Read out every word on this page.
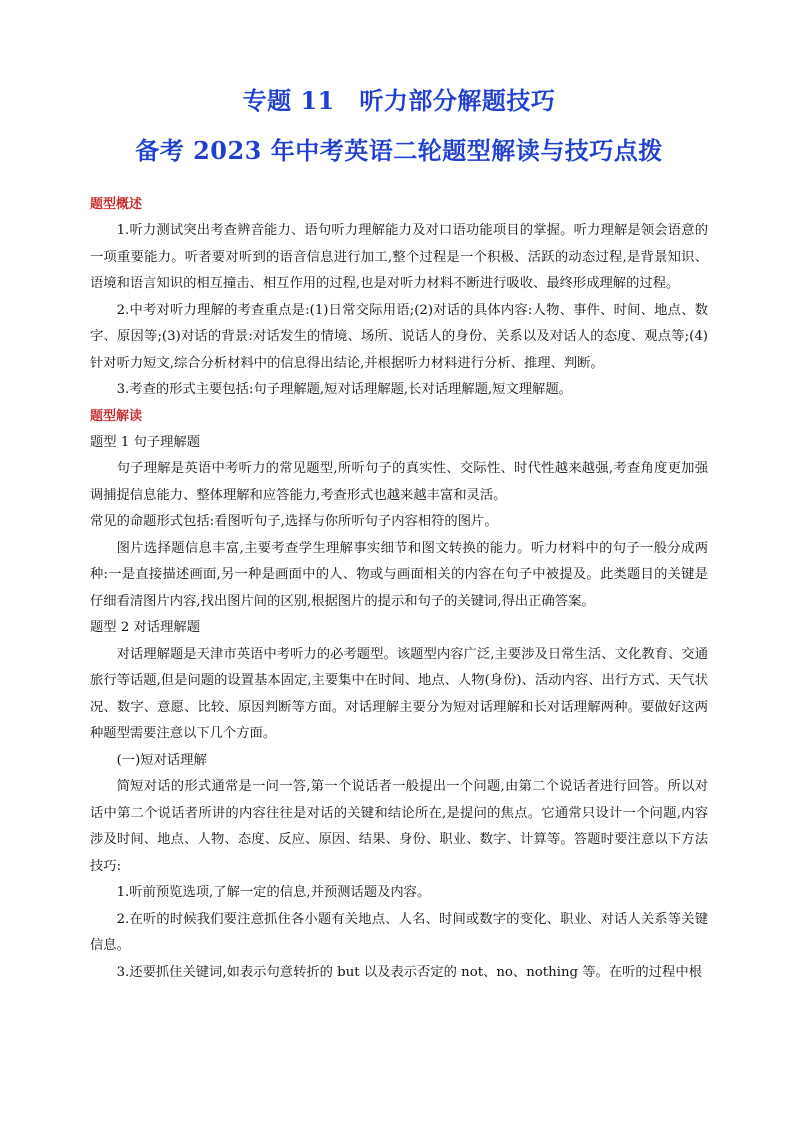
专题 11　听力部分解题技巧
备考 2023 年中考英语二轮题型解读与技巧点拨

题型概述

1.听力测试突出考查辨音能力、语句听力理解能力及对口语功能项目的掌握。听力理解是领会语意的一项重要能力。听者要对听到的语音信息进行加工,整个过程是一个积极、活跃的动态过程,是背景知识、语境和语言知识的相互撞击、相互作用的过程,也是对听力材料不断进行吸收、最终形成理解的过程。

2.中考对听力理解的考查重点是:(1)日常交际用语;(2)对话的具体内容:人物、事件、时间、地点、数字、原因等;(3)对话的背景:对话发生的情境、场所、说话人的身份、关系以及对话人的态度、观点等;(4)针对听力短文,综合分析材料中的信息得出结论,并根据听力材料进行分析、推理、判断。

3.考查的形式主要包括:句子理解题,短对话理解题,长对话理解题,短文理解题。

题型解读

题型 1 句子理解题

句子理解是英语中考听力的常见题型,所听句子的真实性、交际性、时代性越来越强,考查角度更加强调捕捉信息能力、整体理解和应答能力,考查形式也越来越丰富和灵活。

常见的命题形式包括:看图听句子,选择与你所听句子内容相符的图片。

图片选择题信息丰富,主要考查学生理解事实细节和图文转换的能力。听力材料中的句子一般分成两种:一是直接描述画面,另一种是画面中的人、物或与画面相关的内容在句子中被提及。此类题目的关键是仔细看清图片内容,找出图片间的区别,根据图片的提示和句子的关键词,得出正确答案。

题型 2 对话理解题

对话理解题是天津市英语中考听力的必考题型。该题型内容广泛,主要涉及日常生活、文化教育、交通旅行等话题,但是问题的设置基本固定,主要集中在时间、地点、人物(身份)、活动内容、出行方式、天气状况、数字、意愿、比较、原因判断等方面。对话理解主要分为短对话理解和长对话理解两种。要做好这两种题型需要注意以下几个方面。

(一)短对话理解

简短对话的形式通常是一问一答,第一个说话者一般提出一个问题,由第二个说话者进行回答。所以对话中第二个说话者所讲的内容往往是对话的关键和结论所在,是提问的焦点。它通常只设计一个问题,内容涉及时间、地点、人物、态度、反应、原因、结果、身份、职业、数字、计算等。答题时要注意以下方法技巧:

1.听前预览选项,了解一定的信息,并预测话题及内容。

2.在听的时候我们要注意抓住各小题有关地点、人名、时间或数字的变化、职业、对话人关系等关键信息。

3.还要抓住关键词,如表示句意转折的 but 以及表示否定的 not、no、nothing 等。在听的过程中根
